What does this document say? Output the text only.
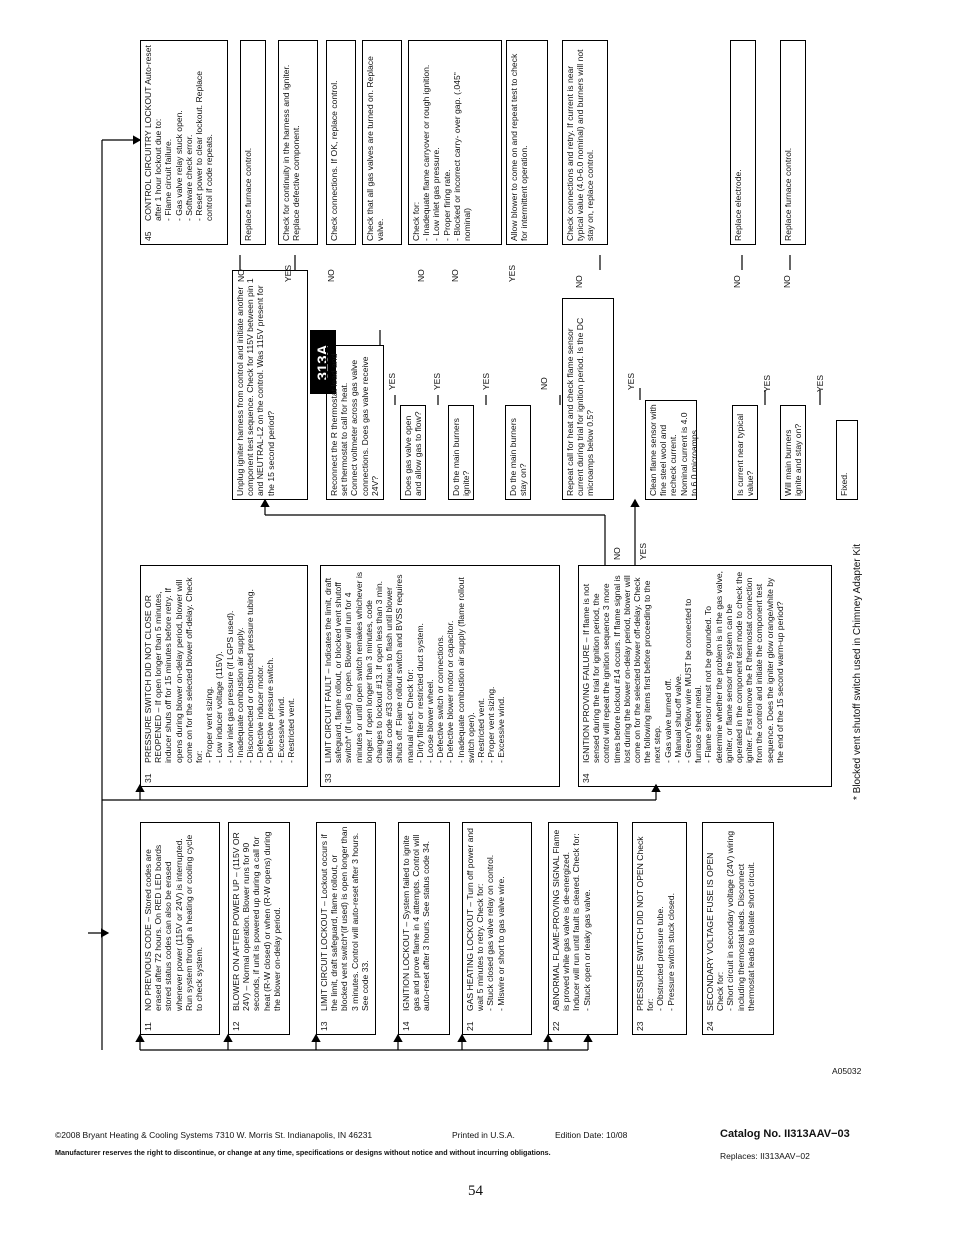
313A
11
NO PREVIOUS CODE – Stored codes are erased after 72 hours. On RED LED boards stored status codes can also be erased whenever power (115V or 24V) is interrupted. Run system through a heating or cooling cycle to check system.
12
BLOWER ON AFTER POWER UP – (115V OR 24V) – Normal operation. Blower runs for 90 seconds, if unit is powered up during a call for heat (R-W closed) or when (R-W opens) during the blower on-delay period.
13
LIMIT CIRCUIT LOCKOUT – Lockout occurs if the limit, draft safeguard, flame rollout, or blocked vent switch*(if used) is open longer than 3 minutes. Control will auto-reset after 3 hours. See code 33.
14
IGNITION LOCKOUT – System failed to ignite gas and prove flame in 4 attempts. Control will auto-reset after 3 hours. See status code 34.
21
GAS HEATING LOCKOUT – Turn off power and wait 5 minutes to retry. Check for:
- Stuck closed gas valve relay on control.
- Miswire or short to gas valve wire.
22
ABNORMAL FLAME-PROVING SIGNAL Flame is proved while gas valve is de-energized. Inducer will run until fault is cleared. Check for:
- Stuck open or leaky gas valve.
23
PRESSURE SWITCH DID NOT OPEN Check for:
- Obstructed pressure tube.
- Pressure switch stuck closed.
24
SECONDARY VOLTAGE FUSE IS OPEN Check for:
- Short circuit in secondary voltage (24V) wiring including thermostat leads. Disconnect thermostat leads to isolate short circuit.
31
PRESSURE SWITCH DID NOT CLOSE OR REOPENED – If open longer than 5 minutes, inducer shuts off for 15 minutes before retry. If opens during blower on-delay period, blower will come on for the selected blower off-delay. Check for:
- Proper vent sizing.
- Low inducer voltage (115V).
- Low inlet gas pressure (if LGPS used).
- Inadequate combustion air supply.
- Disconnected or obstructed pressure tubing.
- Defective inducer motor.
- Defective pressure switch.
- Excessive wind.
- Restricted vent.
33
LIMIT CIRCUIT FAULT – Indicates the limit, draft safeguard, flame rollout, or blocked vent shutoff switch* (if used) is open. Blower will run for 4 minutes or until open switch remakes whichever is longer. If open longer than 3 minutes, code changes to lockout #13. If open less than 3 min. status code #33 continues to flash until blower shuts off. Flame rollout switch and BVSS requires manual reset. Check for:
- Dirty filter or restricted duct system.
- Loose blower wheel.
- Defective switch or connections.
- Defective blower motor or capacitor.
- Inadequate combustion air supply (flame rollout switch open).
- Restricted vent.
- Proper vent sizing.
- Excessive wind.
34
IGNITION PROVING FAILURE – If flame is not sensed during the trial for ignition period, the control will repeat the ignition sequence 3 more times before lockout #14 occurs. If flame signal is lost during the blower on-delay period, blower will come on for the selected blower off-delay. Check the following items first before proceeding to the next step.
- Gas valve turned off.
- Manual shut-off valve.
- Green/Yellow wire MUST be connected to furnace sheet metal.
- Flame sensor must not be grounded. To determine whether the problem is in the gas valve, igniter, or flame sensor the system can be operated in the component test mode to check the igniter. First remove the R thermostat connection from the control and initiate the component test sequence. Does the igniter glow orange/white by the end of the 15 second warm-up period?
Unplug igniter harness from control and initiate another component test sequence. Check for 115V between pin 1 and NEUTRAL-L2 on the control. Was 115V present for the 15 second period?	Reconnect the R thermostat lead and set thermostat to call for heat. Connect voltmeter across gas valve connections. Does gas valve receive 24V?	Does gas valve open and allow gas to flow?	Do the main burners ignite?	Do the main burners stay on?	Repeat call for heat and check flame sensor current during trial for ignition period. Is the DC microamps below 0.5?	Clean flame sensor with fine steel wool and recheck current. Nominal current is 4.0 to 6.0 microamps.	Is current near typical value?	Will main burners ignite and stay on?	Fixed.
45
CONTROL CIRCUITRY LOCKOUT Auto-reset after 1 hour lockout due to:
- Flame circuit failure.
- Gas valve relay stuck open.
- Software check error.
- Reset power to clear lockout. Replace control if code repeats.	Replace furnace control.	Check for continuity in the harness and igniter. Replace defective component.	Check connections. If OK, replace control.	Check that all gas valves are turned on. Replace valve.	Check for:
- Inadequate flame carryover or rough ignition.
- Low inlet gas pressure.
- Proper firing rate.
- Blocked or incorrect carry- over gap. (.045" nominal)	Allow blower to come on and repeat test to check for intermittent operation.	Check connections and retry. If current is near typical value (4.0-6.0 nominal) and burners will not stay on, replace control.	Replace electrode.	Replace furnace control.
NO	YES	NO
YES
NO
YES
NO
YES
YES
NO
NO
YES
NO YES
NO
YES
NO
YES
* Blocked vent shutoff switch used in Chimney Adapter Kit
A05032
©2008 Bryant Heating & Cooling Systems 7310 W. Morris St. Indianapolis, IN 46231	Printed in U.S.A.	Edition Date: 10/08	Catalog No. II313AAV−03
Manufacturer reserves the right to discontinue, or change at any time, specifications or designs without notice and without incurring obligations.	Replaces: II313AAV−02
54
